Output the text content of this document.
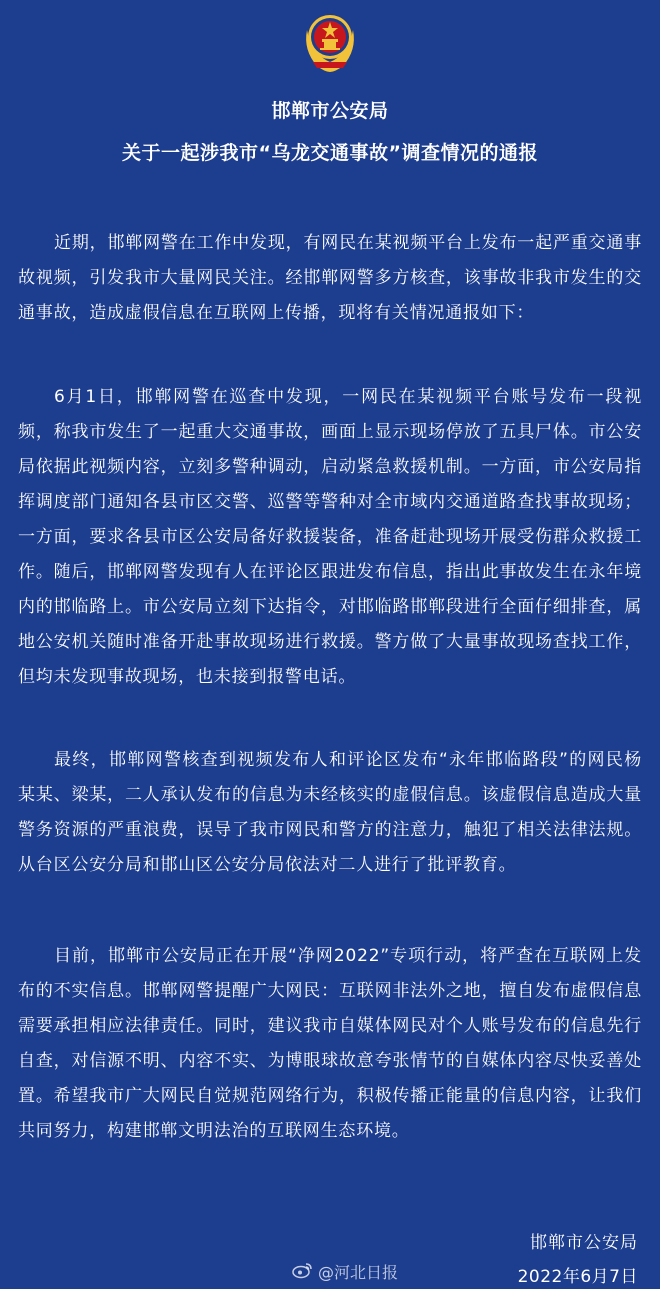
邯郸市公安局
关于一起涉我市“乌龙交通事故”调查情况的通报

近期，邯郸网警在工作中发现，有网民在某视频平台上发布一起严重交通事故视频，引发我市大量网民关注。经邯郸网警多方核查，该事故非我市发生的交通事故，造成虚假信息在互联网上传播，现将有关情况通报如下：

6月1日，邯郸网警在巡查中发现，一网民在某视频平台账号发布一段视频，称我市发生了一起重大交通事故，画面上显示现场停放了五具尸体。市公安局依据此视频内容，立刻多警种调动，启动紧急救援机制。一方面，市公安局指挥调度部门通知各县市区交警、巡警等警种对全市域内交通道路查找事故现场；一方面，要求各县市区公安局备好救援装备，准备赶赴现场开展受伤群众救援工作。随后，邯郸网警发现有人在评论区跟进发布信息，指出此事故发生在永年境内的邯临路上。市公安局立刻下达指令，对邯临路邯郸段进行全面仔细排查，属地公安机关随时准备开赴事故现场进行救援。警方做了大量事故现场查找工作，但均未发现事故现场，也未接到报警电话。

最终，邯郸网警核查到视频发布人和评论区发布“永年邯临路段”的网民杨某某、梁某，二人承认发布的信息为未经核实的虚假信息。该虚假信息造成大量警务资源的严重浪费，误导了我市网民和警方的注意力，触犯了相关法律法规。从台区公安分局和邯山区公安分局依法对二人进行了批评教育。

目前，邯郸市公安局正在开展“净网2022”专项行动，将严查在互联网上发布的不实信息。邯郸网警提醒广大网民：互联网非法外之地，擅自发布虚假信息需要承担相应法律责任。同时，建议我市自媒体网民对个人账号发布的信息先行自查，对信源不明、内容不实、为博眼球故意夸张情节的自媒体内容尽快妥善处置。希望我市广大网民自觉规范网络行为，积极传播正能量的信息内容，让我们共同努力，构建邯郸文明法治的互联网生态环境。

邯郸市公安局
2022年6月7日
@河北日报
